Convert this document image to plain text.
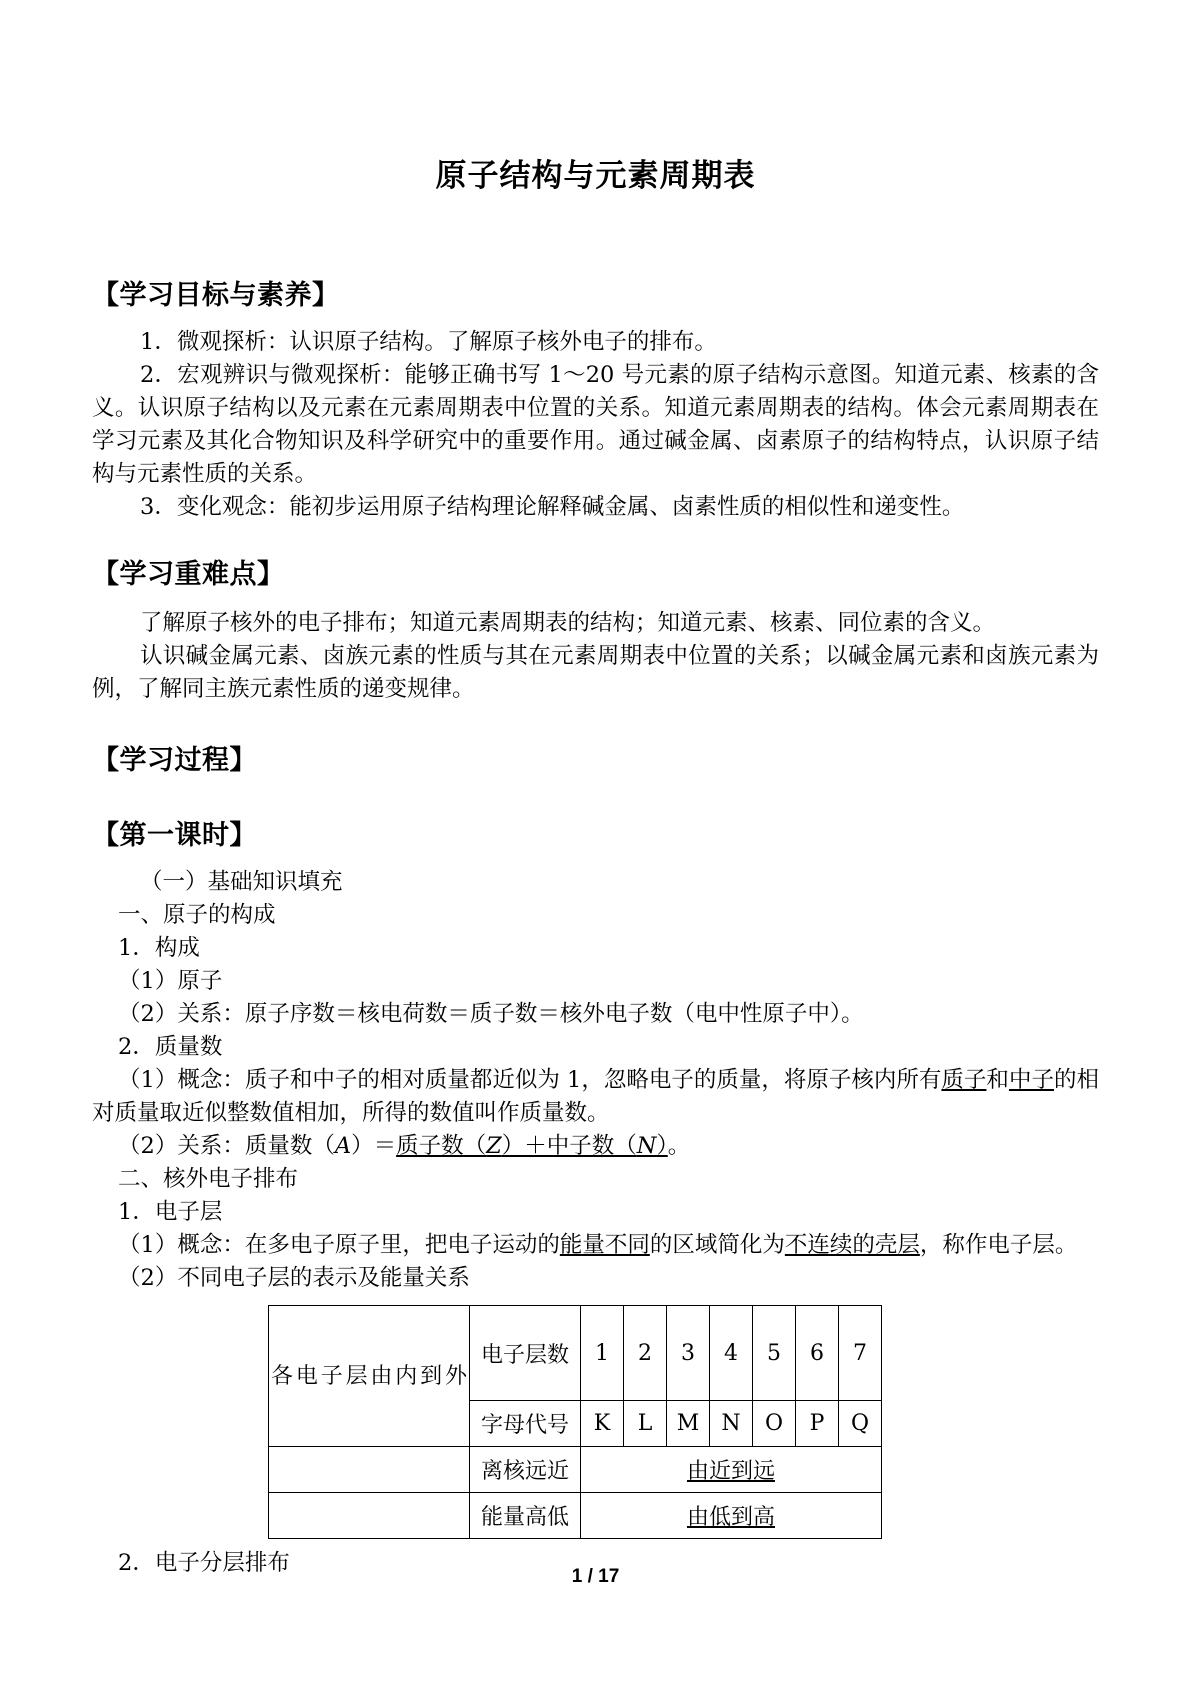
原子结构与元素周期表
【学习目标与素养】

1．微观探析：认识原子结构。了解原子核外电子的排布。

2．宏观辨识与微观探析：能够正确书写 1～20 号元素的原子结构示意图。知道元素、核素的含义。认识原子结构以及元素在元素周期表中位置的关系。知道元素周期表的结构。体会元素周期表在学习元素及其化合物知识及科学研究中的重要作用。通过碱金属、卤素原子的结构特点，认识原子结构与元素性质的关系。

3．变化观念：能初步运用原子结构理论解释碱金属、卤素性质的相似性和递变性。

【学习重难点】

了解原子核外的电子排布；知道元素周期表的结构；知道元素、核素、同位素的含义。

认识碱金属元素、卤族元素的性质与其在元素周期表中位置的关系；以碱金属元素和卤族元素为例，了解同主族元素性质的递变规律。

【学习过程】
【第一课时】

（一）基础知识填充

一、原子的构成

1．构成

（1）原子

（2）关系：原子序数＝核电荷数＝质子数＝核外电子数（电中性原子中）。

2．质量数

（1）概念：质子和中子的相对质量都近似为 1，忽略电子的质量，将原子核内所有质子和中子的相对质量取近似整数值相加，所得的数值叫作质量数。

（2）关系：质量数（A）＝质子数（Z）＋中子数（N）。

二、核外电子排布

1．电子层

（1）概念：在多电子原子里，把电子运动的能量不同的区域简化为不连续的壳层，称作电子层。

（2）不同电子层的表示及能量关系

各电子层由内到外	电子层数	1	2	3	4	5	6	7
	字母代号	K	L	M	N	O	P	Q
	离核远近	由近到远						
	能量高低	由低到高						

2．电子分层排布

1 / 17
